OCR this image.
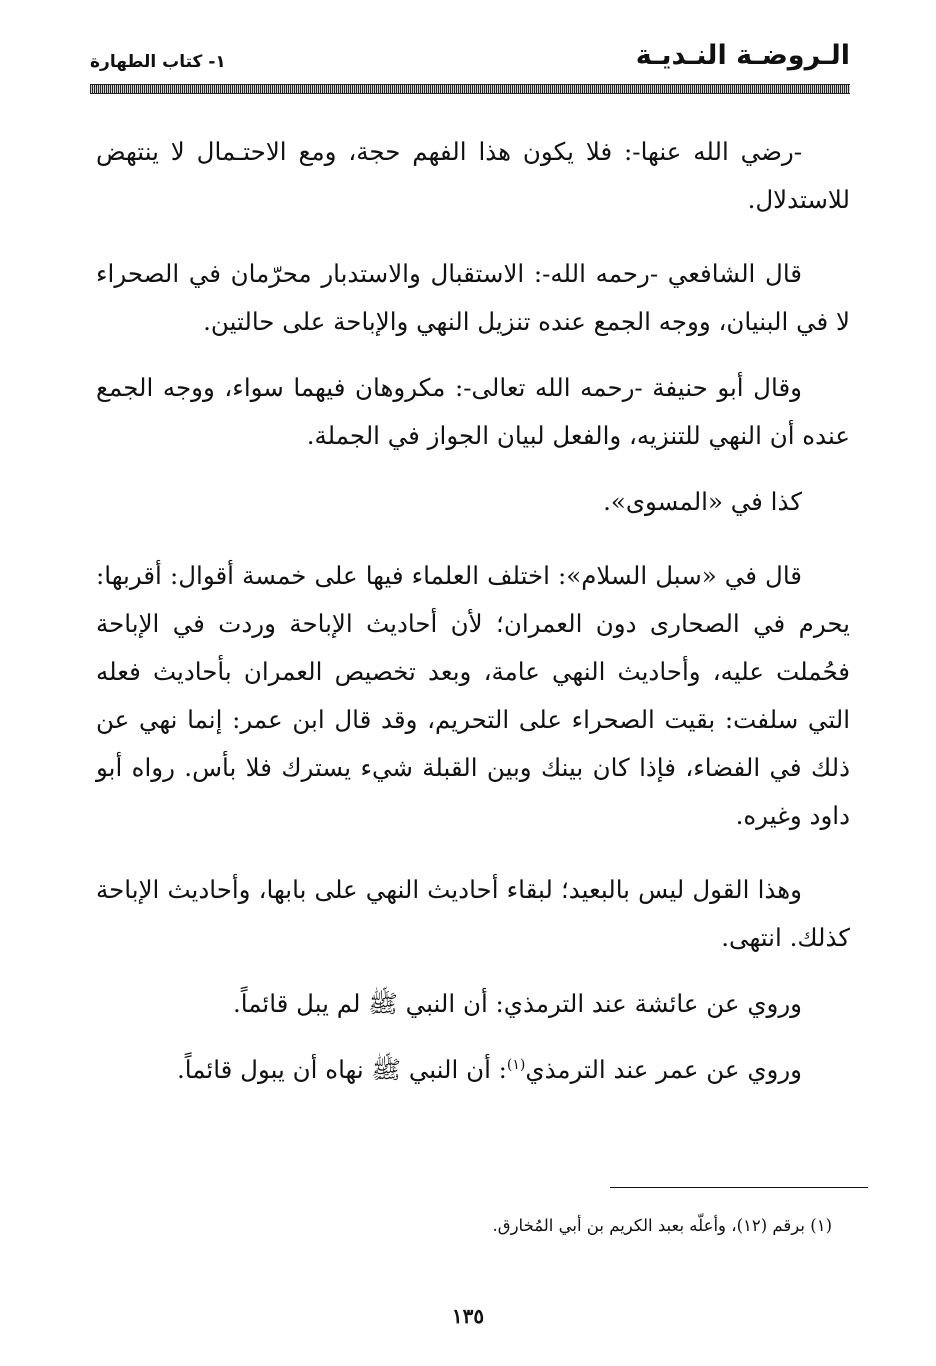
الـروضـة النـديـة
١- كتاب الطهارة

-رضي الله عنها-: فلا يكون هذا الفهم حجة، ومع الاحتـمال لا ينتهض للاستدلال.

قال الشافعي -رحمه الله-: الاستقبال والاستدبار محرّمان في الصحراء لا في البنيان، ووجه الجمع عنده تنزيل النهي والإباحة على حالتين.

وقال أبو حنيفة -رحمه الله تعالى-: مكروهان فيهما سواء، ووجه الجمع عنده أن النهي للتنزيه، والفعل لبيان الجواز في الجملة.

كذا في «المسوى».

قال في «سبل السلام»: اختلف العلماء فيها على خمسة أقوال: أقربها: يحرم في الصحارى دون العمران؛ لأن أحاديث الإباحة وردت في الإباحة فحُملت عليه، وأحاديث النهي عامة، وبعد تخصيص العمران بأحاديث فعله التي سلفت: بقيت الصحراء على التحريم، وقد قال ابن عمر: إنما نهي عن ذلك في الفضاء، فإذا كان بينك وبين القبلة شيء يسترك فلا بأس. رواه أبو داود وغيره.

وهذا القول ليس بالبعيد؛ لبقاء أحاديث النهي على بابها، وأحاديث الإباحة كذلك. انتهى.

وروي عن عائشة عند الترمذي: أن النبي ﷺ لم يبل قائماً.

وروي عن عمر عند الترمذي$^{(١)}$: أن النبي ﷺ نهاه أن يبول قائماً.

(١) برقم (١٢)، وأعلّه بعبد الكريم بن أبي المُخارق.
١٣٥
